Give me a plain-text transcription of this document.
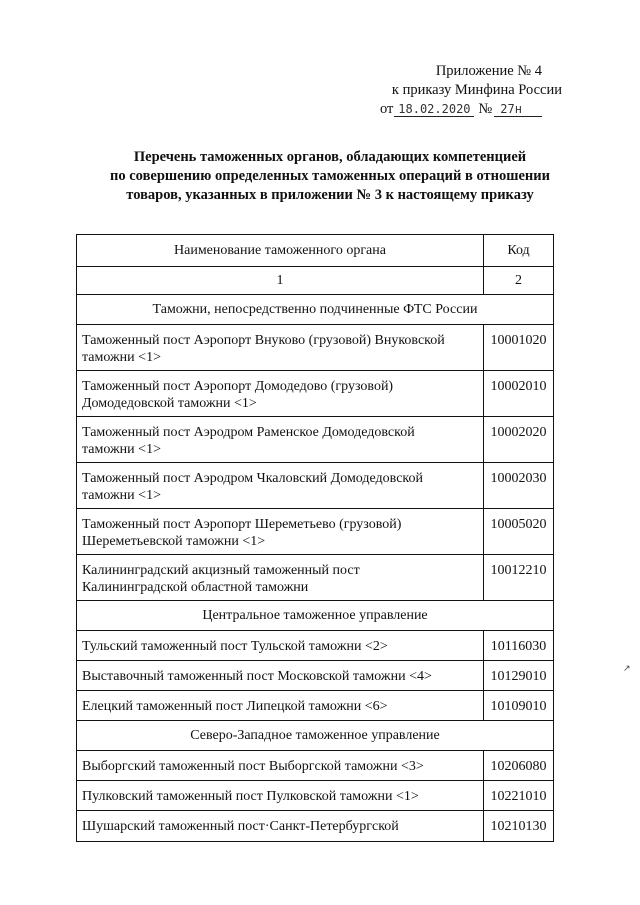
Приложение № 4
к приказу Минфина России
от 18.02.2020 № 27н
Перечень таможенных органов, обладающих компетенцией
по совершению определенных таможенных операций в отношении
товаров, указанных в приложении № 3 к настоящему приказу
Наименование таможенного органа	Код
1	2
Таможни, непосредственно подчиненные ФТС России	

Таможенный пост Аэропорт Внуково (грузовой) Внуковской
таможни <1>	10001020

Таможенный пост Аэропорт Домодедово (грузовой)
Домодедовской таможни <1>	10002010

Таможенный пост Аэродром Раменское Домодедовской
таможни <1>	10002020

Таможенный пост Аэродром Чкаловский Домодедовской
таможни <1>	10002030

Таможенный пост Аэропорт Шереметьево (грузовой)
Шереметьевской таможни <1>	10005020

Калининградский акцизный таможенный пост
Калининградской областной таможни	10012210
Центральное таможенное управление	
Тульский таможенный пост Тульской таможни <2>	10116030
Выставочный таможенный пост Московской таможни <4>	10129010
Елецкий таможенный пост Липецкой таможни <6>	10109010
Северо-Западное таможенное управление	
Выборгский таможенный пост Выборгской таможни <3>	10206080
Пулковский таможенный пост Пулковской таможни <1>	10221010
Шушарский таможенный пост·Санкт-Петербургской	10210130
↗
